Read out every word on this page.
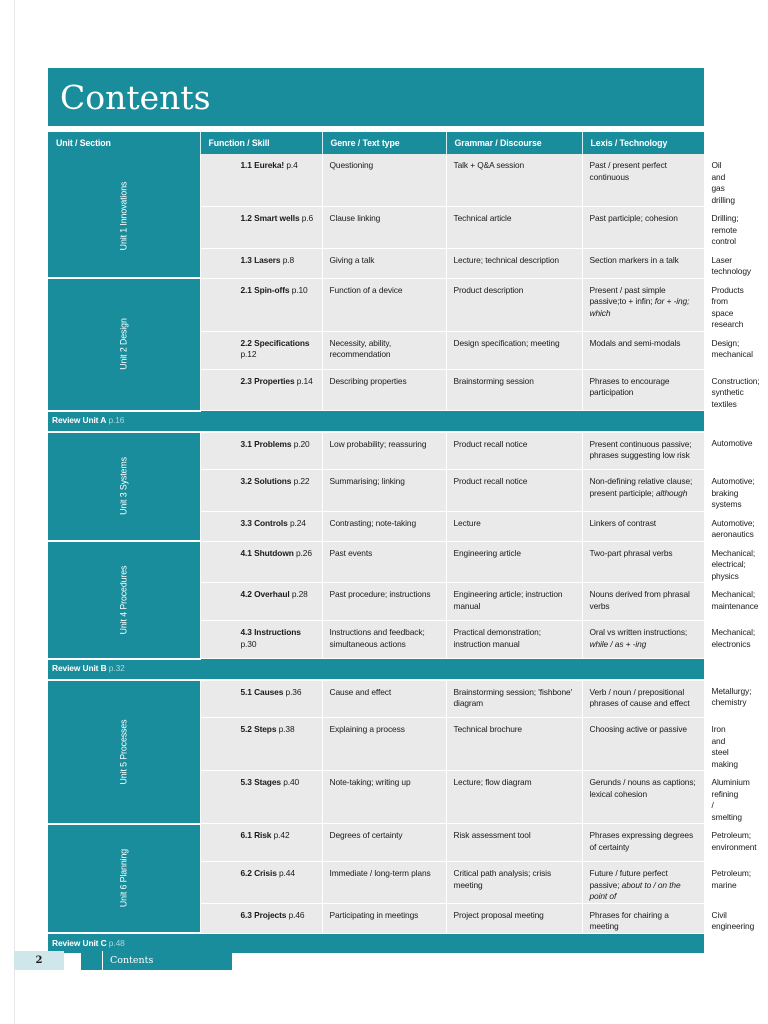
Contents
Unit / Section	Function / Skill	Genre / Text type	Grammar / Discourse	Lexis / Technology	

Unit 1 Innovations	1.1 Eureka! p.4	Questioning	Talk + Q&A session	Past / present perfect continuous	Oil and gas drilling
	1.2 Smart wells p.6	Clause linking	Technical article	Past participle; cohesion	Drilling; remote control
	1.3 Lasers p.8	Giving a talk	Lecture; technical description	Section markers in a talk	Laser technology

Unit 2 Design	2.1 Spin-offs p.10	Function of a device	Product description	Present / past simple passive;to + infin; for + -ing; which	Products from space research
	2.2 Specifications p.12	Necessity, ability, recommendation	Design specification; meeting	Modals and semi-modals	Design; mechanical
	2.3 Properties p.14	Describing properties	Brainstorming session	Phrases to encourage participation	Construction; synthetic textiles
Review Unit A p.16					

Unit 3 Systems	3.1 Problems p.20	Low probability; reassuring	Product recall notice	Present continuous passive; phrases suggesting low risk	Automotive
	3.2 Solutions p.22	Summarising; linking	Product recall notice	Non-defining relative clause; present participle; although	Automotive; braking systems
	3.3 Controls p.24	Contrasting; note-taking	Lecture	Linkers of contrast	Automotive; aeronautics

Unit 4 Procedures	4.1 Shutdown p.26	Past events	Engineering article	Two-part phrasal verbs	Mechanical; electrical; physics
	4.2 Overhaul p.28	Past procedure; instructions	Engineering article; instruction manual	Nouns derived from phrasal verbs	Mechanical; maintenance
	4.3 Instructions p.30	Instructions and feedback; simultaneous actions	Practical demonstration; instruction manual	Oral vs written instructions; while / as + -ing	Mechanical; electronics
Review Unit B p.32					

Unit 5 Processes	5.1 Causes p.36	Cause and effect	Brainstorming session; 'fishbone' diagram	Verb / noun / prepositional phrases of cause and effect	Metallurgy; chemistry
	5.2 Steps p.38	Explaining a process	Technical brochure	Choosing active or passive	Iron and steel making
	5.3 Stages p.40	Note-taking; writing up	Lecture; flow diagram	Gerunds / nouns as captions; lexical cohesion	Aluminium refining / smelting

Unit 6 Planning	6.1 Risk p.42	Degrees of certainty	Risk assessment tool	Phrases expressing degrees of certainty	Petroleum; environment
	6.2 Crisis p.44	Immediate / long-term plans	Critical path analysis; crisis meeting	Future / future perfect passive; about to / on the point of	Petroleum; marine
	6.3 Projects p.46	Participating in meetings	Project proposal meeting	Phrases for chairing a meeting	Civil engineering
Review Unit C p.48					
2	Contents
